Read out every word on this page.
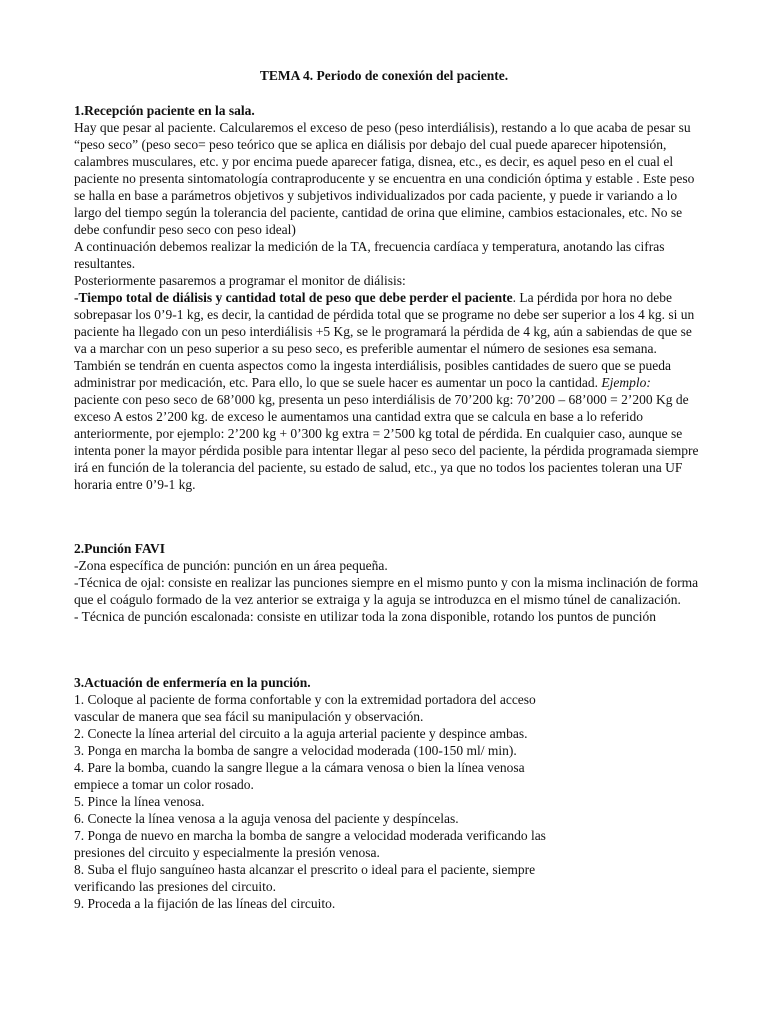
TEMA 4. Periodo de conexión del paciente.

1.Recepción paciente en la sala.

Hay que pesar al paciente. Calcularemos el exceso de peso (peso interdiálisis), restando a lo que acaba de pesar su “peso seco” (peso seco= peso teórico que se aplica en diálisis por debajo del cual puede aparecer hipotensión, calambres musculares, etc. y por encima puede aparecer fatiga, disnea, etc., es decir, es aquel peso en el cual el paciente no presenta sintomatología contraproducente y se encuentra en una condición óptima y estable . Este peso se halla en base a parámetros objetivos y subjetivos individualizados por cada paciente, y puede ir variando a lo largo del tiempo según la tolerancia del paciente, cantidad de orina que elimine, cambios estacionales, etc. No se debe confundir peso seco con peso ideal)

A continuación debemos realizar la medición de la TA, frecuencia cardíaca y temperatura, anotando las cifras resultantes.

Posteriormente pasaremos a programar el monitor de diálisis:

-Tiempo total de diálisis y cantidad total de peso que debe perder el paciente. La pérdida por hora no debe sobrepasar los 0’9-1 kg, es decir, la cantidad de pérdida total que se programe no debe ser superior a los 4 kg. si un paciente ha llegado con un peso interdiálisis +5 Kg, se le programará la pérdida de 4 kg, aún a sabiendas de que se va a marchar con un peso superior a su peso seco, es preferible aumentar el número de sesiones esa semana. También se tendrán en cuenta aspectos como la ingesta interdiálisis, posibles cantidades de suero que se pueda administrar por medicación, etc. Para ello, lo que se suele hacer es aumentar un poco la cantidad. Ejemplo: paciente con peso seco de 68’000 kg, presenta un peso interdiálisis de 70’200 kg: 70’200 – 68’000 = 2’200 Kg de exceso A estos 2’200 kg. de exceso le aumentamos una cantidad extra que se calcula en base a lo referido anteriormente, por ejemplo: 2’200 kg + 0’300 kg extra = 2’500 kg total de pérdida. En cualquier caso, aunque se intenta poner la mayor pérdida posible para intentar llegar al peso seco del paciente, la pérdida programada siempre irá en función de la tolerancia del paciente, su estado de salud, etc., ya que no todos los pacientes toleran una UF horaria entre 0’9-1 kg.

2.Punción FAVI

-Zona específica de punción: punción en un área pequeña.

-Técnica de ojal: consiste en realizar las punciones siempre en el mismo punto y con la misma inclinación de forma que el coágulo formado de la vez anterior se extraiga y la aguja se introduzca en el mismo túnel de canalización.

- Técnica de punción escalonada: consiste en utilizar toda la zona disponible, rotando los puntos de punción

3.Actuación de enfermería en la punción.

1. Coloque al paciente de forma confortable y con la extremidad portadora del acceso vascular de manera que sea fácil su manipulación y observación.

2. Conecte la línea arterial del circuito a la aguja arterial paciente y despince ambas.

3. Ponga en marcha la bomba de sangre a velocidad moderada (100-150 ml/ min).

4. Pare la bomba, cuando la sangre llegue a la cámara venosa o bien la línea venosa empiece a tomar un color rosado.

5. Pince la línea venosa.

6. Conecte la línea venosa a la aguja venosa del paciente y despíncelas.

7. Ponga de nuevo en marcha la bomba de sangre a velocidad moderada verificando las presiones del circuito y especialmente la presión venosa.

8. Suba el flujo sanguíneo hasta alcanzar el prescrito o ideal para el paciente, siempre verificando las presiones del circuito.

9. Proceda a la fijación de las líneas del circuito.
